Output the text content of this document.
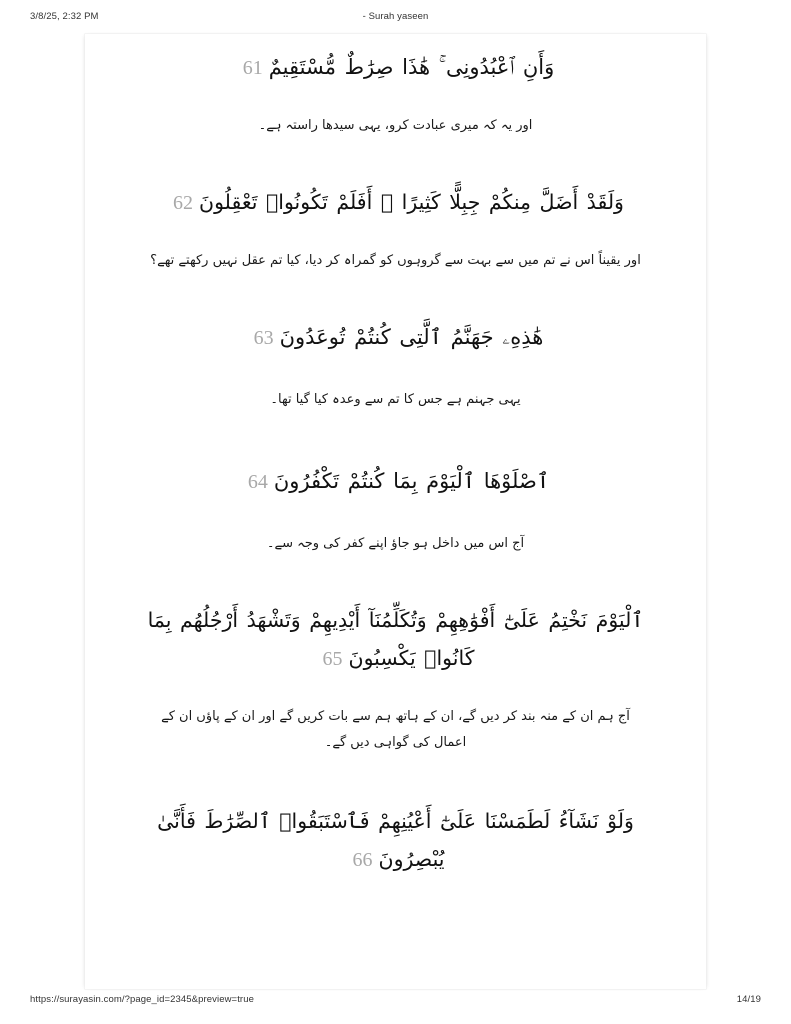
3/8/25, 2:32 PM	- Surah yaseen
وَأَنِ ٱعْبُدُونِى ۚ هَٰذَا صِرَٰطٌ مُّسْتَقِيمٌ61
اور یہ کہ میری عبادت کرو، یہی سیدھا راستہ ہے۔
وَلَقَدْ أَضَلَّ مِنكُمْ جِبِلًّا كَثِيرًا ۖ أَفَلَمْ تَكُونُوا۟ تَعْقِلُونَ62
اور یقیناً اس نے تم میں سے بہت سے گروہوں کو گمراہ کر دیا، کیا تم عقل نہیں رکھتے تھے؟
هَٰذِهِۦ جَهَنَّمُ ٱلَّتِى كُنتُمْ تُوعَدُونَ63
یہی جہنم ہے جس کا تم سے وعدہ کیا گیا تھا۔
ٱصْلَوْهَا ٱلْيَوْمَ بِمَا كُنتُمْ تَكْفُرُونَ64
آج اس میں داخل ہو جاؤ اپنے کفر کی وجہ سے۔
ٱلْيَوْمَ نَخْتِمُ عَلَىٰٓ أَفْوَٰهِهِمْ وَتُكَلِّمُنَآ أَيْدِيهِمْ وَتَشْهَدُ أَرْجُلُهُم بِمَا
كَانُوا۟ يَكْسِبُونَ65
آج ہم ان کے منہ بند کر دیں گے، ان کے ہاتھ ہم سے بات کریں گے اور ان کے پاؤں ان کے اعمال کی گواہی دیں گے۔
وَلَوْ نَشَآءُ لَطَمَسْنَا عَلَىٰٓ أَعْيُنِهِمْ فَٱسْتَبَقُوا۟ ٱلصِّرَٰطَ فَأَنَّىٰ
يُبْصِرُونَ66
https://surayasin.com/?page_id=2345&preview=true	14/19
